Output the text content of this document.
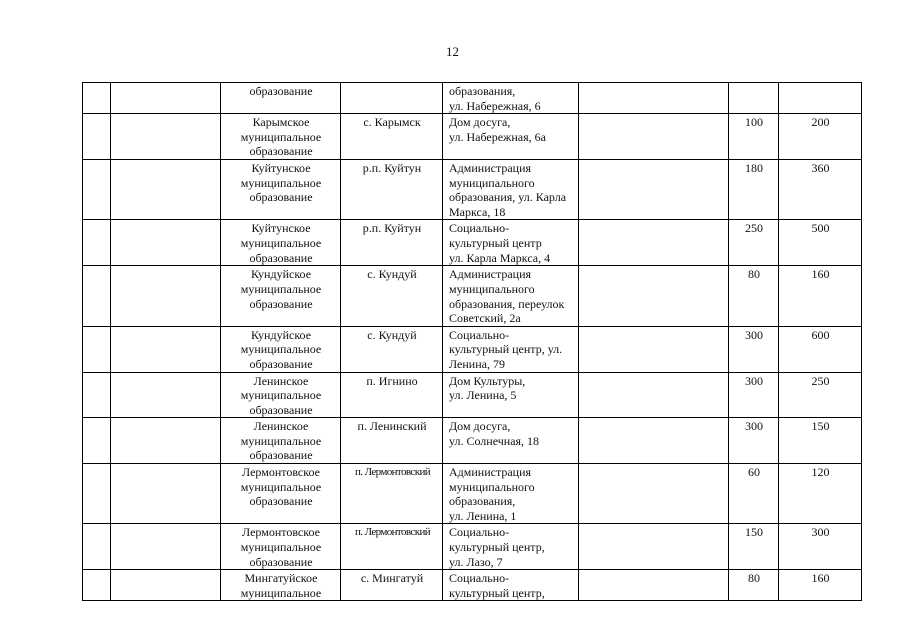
12
		образование		образования,
ул. Набережная, 6			
		Карымское
муниципальное
образование	с. Карымск	Дом досуга,
ул. Набережная, 6а		100	200
		Куйтунское
муниципальное
образование	р.п. Куйтун	Администрация
муниципального
образования, ул. Карла
Маркса, 18		180	360
		Куйтунское
муниципальное
образование	р.п. Куйтун	Социально-
культурный центр
ул. Карла Маркса, 4		250	500
		Кундуйское
муниципальное
образование	с. Кундуй	Администрация
муниципального
образования, переулок
Советский, 2а		80	160
		Кундуйское
муниципальное
образование	с. Кундуй	Социально-
культурный центр, ул.
Ленина, 79		300	600
		Ленинское
муниципальное
образование	п. Игнино	Дом Культуры,
ул. Ленина, 5		300	250
		Ленинское
муниципальное
образование	п. Ленинский	Дом досуга,
ул. Солнечная, 18		300	150
		Лермонтовское
муниципальное
образование	п. Лермонтовский	Администрация
муниципального
образования,
ул. Ленина, 1		60	120
		Лермонтовское
муниципальное
образование	п. Лермонтовский	Социально-
культурный центр,
ул. Лазо, 7		150	300
		Мингатуйское
муниципальное	с. Мингатуй	Социально-
культурный центр,		80	160
